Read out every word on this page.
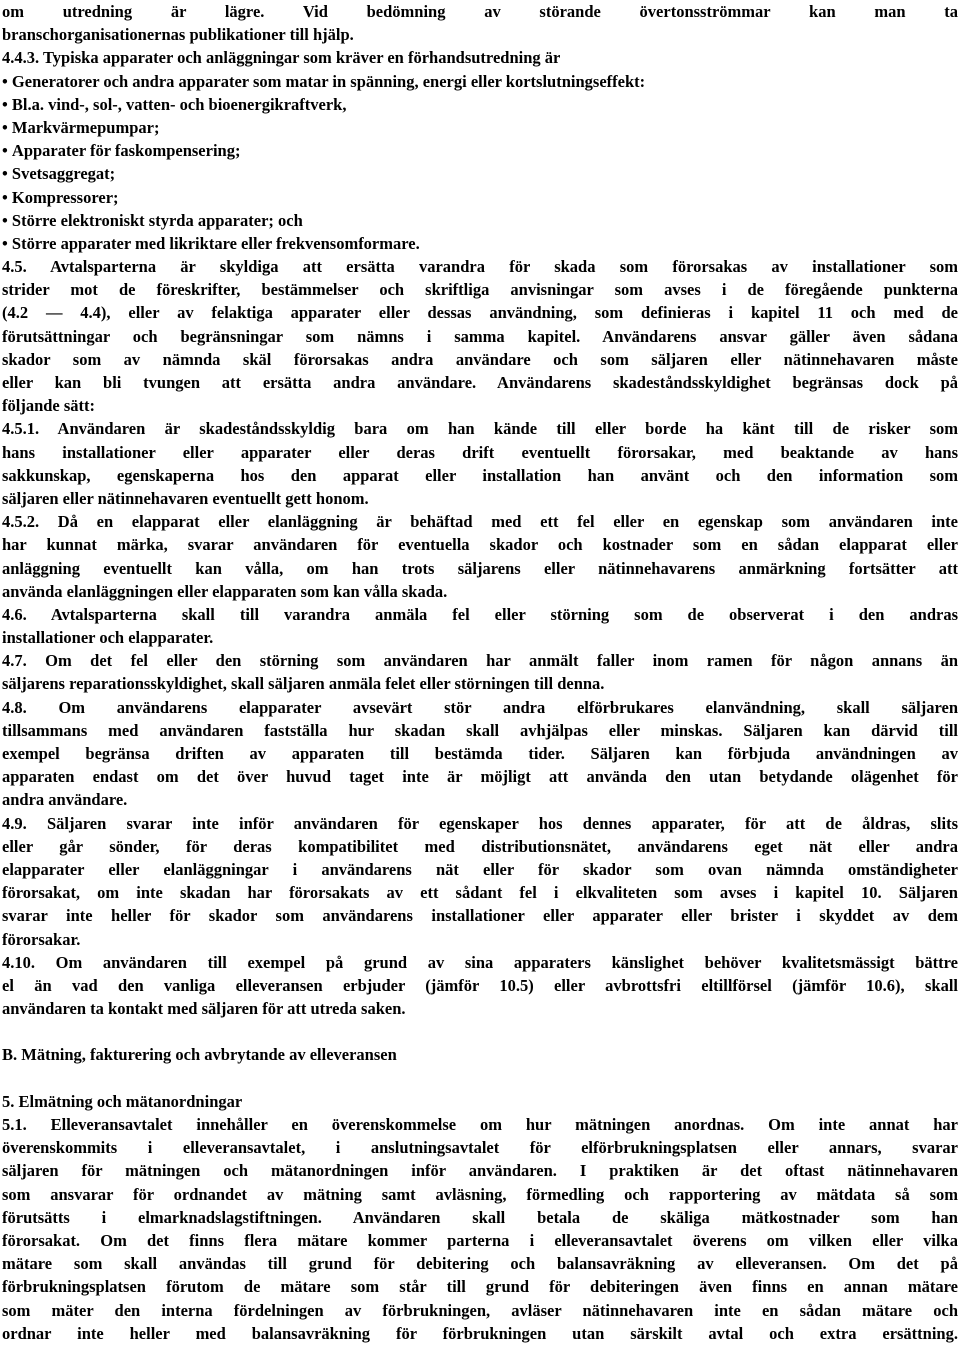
om utredning är lägre. Vid bedömning av störande övertonsströmmar kan man ta
branschorganisationernas publikationer till hjälp.
4.4.3. Typiska apparater och anläggningar som kräver en förhandsutredning är
• Generatorer och andra apparater som matar in spänning, energi eller kortslutningseffekt:
• Bl.a. vind-, sol-, vatten- och bioenergikraftverk,
• Markvärmepumpar;
• Apparater för faskompensering;
• Svetsaggregat;
• Kompressorer;
• Större elektroniskt styrda apparater; och
• Större apparater med likriktare eller frekvensomformare.
4.5. Avtalsparterna är skyldiga att ersätta varandra för skada som förorsakas av installationer som
strider mot de föreskrifter, bestämmelser och skriftliga anvisningar som avses i de föregående punkterna
(4.2 — 4.4), eller av felaktiga apparater eller dessas användning, som definieras i kapitel 11 och med de
förutsättningar och begränsningar som nämns i samma kapitel. Användarens ansvar gäller även sådana
skador som av nämnda skäl förorsakas andra användare och som säljaren eller nätinnehavaren måste
eller kan bli tvungen att ersätta andra användare. Användarens skadeståndsskyldighet begränsas dock på
följande sätt:
4.5.1. Användaren är skadeståndsskyldig bara om han kände till eller borde ha känt till de risker som
hans installationer eller apparater eller deras drift eventuellt förorsakar, med beaktande av hans
sakkunskap, egenskaperna hos den apparat eller installation han använt och den information som
säljaren eller nätinnehavaren eventuellt gett honom.
4.5.2. Då en elapparat eller elanläggning är behäftad med ett fel eller en egenskap som användaren inte
har kunnat märka, svarar användaren för eventuella skador och kostnader som en sådan elapparat eller
anläggning eventuellt kan vålla, om han trots säljarens eller nätinnehavarens anmärkning fortsätter att
använda elanläggningen eller elapparaten som kan vålla skada.
4.6. Avtalsparterna skall till varandra anmäla fel eller störning som de observerat i den andras
installationer och elapparater.
4.7. Om det fel eller den störning som användaren har anmält faller inom ramen för någon annans än
säljarens reparationsskyldighet, skall säljaren anmäla felet eller störningen till denna.
4.8. Om användarens elapparater avsevärt stör andra elförbrukares elanvändning, skall säljaren
tillsammans med användaren fastställa hur skadan skall avhjälpas eller minskas. Säljaren kan därvid till
exempel begränsa driften av apparaten till bestämda tider. Säljaren kan förbjuda användningen av
apparaten endast om det över huvud taget inte är möjligt att använda den utan betydande olägenhet för
andra användare.
4.9. Säljaren svarar inte inför användaren för egenskaper hos dennes apparater, för att de åldras, slits
eller går sönder, för deras kompatibilitet med distributionsnätet, användarens eget nät eller andra
elapparater eller elanläggningar i användarens nät eller för skador som ovan nämnda omständigheter
förorsakat, om inte skadan har förorsakats av ett sådant fel i elkvaliteten som avses i kapitel 10. Säljaren
svarar inte heller för skador som användarens installationer eller apparater eller brister i skyddet av dem
förorsakar.
4.10. Om användaren till exempel på grund av sina apparaters känslighet behöver kvalitetsmässigt bättre
el än vad den vanliga elleveransen erbjuder (jämför 10.5) eller avbrottsfri eltillförsel (jämför 10.6), skall
användaren ta kontakt med säljaren för att utreda saken.
B. Mätning, fakturering och avbrytande av elleveransen
5. Elmätning och mätanordningar
5.1. Elleveransavtalet innehåller en överenskommelse om hur mätningen anordnas. Om inte annat har
överenskommits i elleveransavtalet, i anslutningsavtalet för elförbrukningsplatsen eller annars, svarar
säljaren för mätningen och mätanordningen inför användaren. I praktiken är det oftast nätinnehavaren
som ansvarar för ordnandet av mätning samt avläsning, förmedling och rapportering av mätdata så som
förutsätts i elmarknadslagstiftningen. Användaren skall betala de skäliga mätkostnader som han
förorsakat. Om det finns flera mätare kommer parterna i elleveransavtalet överens om vilken eller vilka
mätare som skall användas till grund för debitering och balansavräkning av elleveransen. Om det på
förbrukningsplatsen förutom de mätare som står till grund för debiteringen även finns en annan mätare
som mäter den interna fördelningen av förbrukningen, avläser nätinnehavaren inte en sådan mätare och
ordnar inte heller med balansavräkning för förbrukningen utan särskilt avtal och extra ersättning.
